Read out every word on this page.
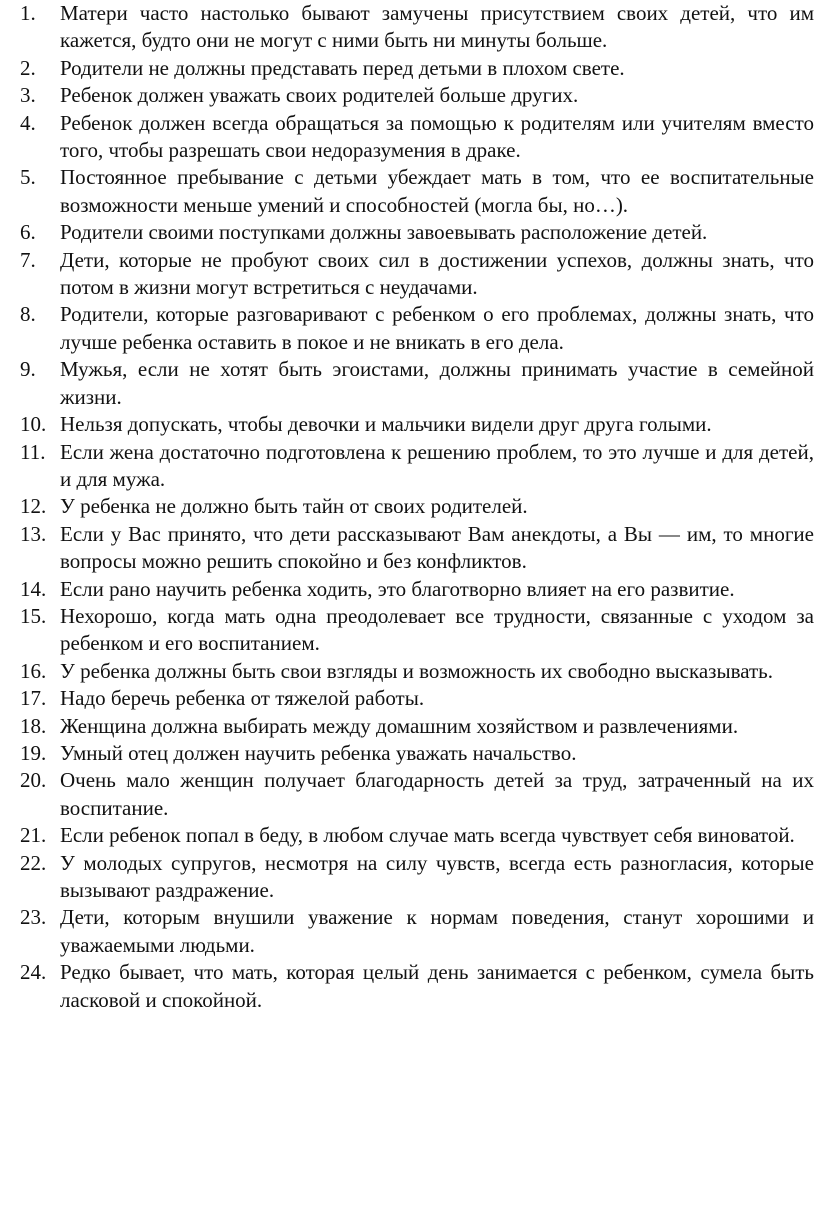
1.	Матери часто настолько бывают замучены присутствием своих детей, что им кажется, будто они не могут с ними быть ни минуты больше.
2.	Родители не должны представать перед детьми в плохом свете.
3.	Ребенок должен уважать своих родителей больше других.
4.	Ребенок должен всегда обращаться за помощью к родителям или учителям вместо того, чтобы разрешать свои недоразумения в драке.
5.	Постоянное пребывание с детьми убеждает мать в том, что ее воспитательные возможности меньше умений и способностей (могла бы, но…).
6.	Родители своими поступками должны завоевывать расположение детей.
7.	Дети, которые не пробуют своих сил в достижении успехов, должны знать, что потом в жизни могут встретиться с неудачами.
8.	Родители, которые разговаривают с ребенком о его проблемах, должны знать, что лучше ребенка оставить в покое и не вникать в его дела.
9.	Мужья, если не хотят быть эгоистами, должны принимать участие в семейной жизни.
10. Нельзя допускать, чтобы девочки и мальчики видели друг друга голыми.
11. Если жена достаточно подготовлена к решению проблем, то это лучше и для детей, и для мужа.
12. У ребенка не должно быть тайн от своих родителей.
13. Если у Вас принято, что дети рассказывают Вам анекдоты, а Вы — им, то многие вопросы можно решить спокойно и без конфликтов.
14. Если рано научить ребенка ходить, это благотворно влияет на его развитие.
15. Нехорошо, когда мать одна преодолевает все трудности, связанные с уходом за ребенком и его воспитанием.
16. У ребенка должны быть свои взгляды и возможность их свободно высказывать.
17. Надо беречь ребенка от тяжелой работы.
18. Женщина должна выбирать между домашним хозяйством и развлечениями.
19. Умный отец должен научить ребенка уважать начальство.
20. Очень мало женщин получает благодарность детей за труд, затраченный на их воспитание.
21. Если ребенок попал в беду, в любом случае мать всегда чувствует себя виноватой.
22. У молодых супругов, несмотря на силу чувств, всегда есть разногласия, которые вызывают раздражение.
23. Дети, которым внушили уважение к нормам поведения, станут хорошими и уважаемыми людьми.
24. Редко бывает, что мать, которая целый день занимается с ребенком, сумела быть ласковой и спокойной.
